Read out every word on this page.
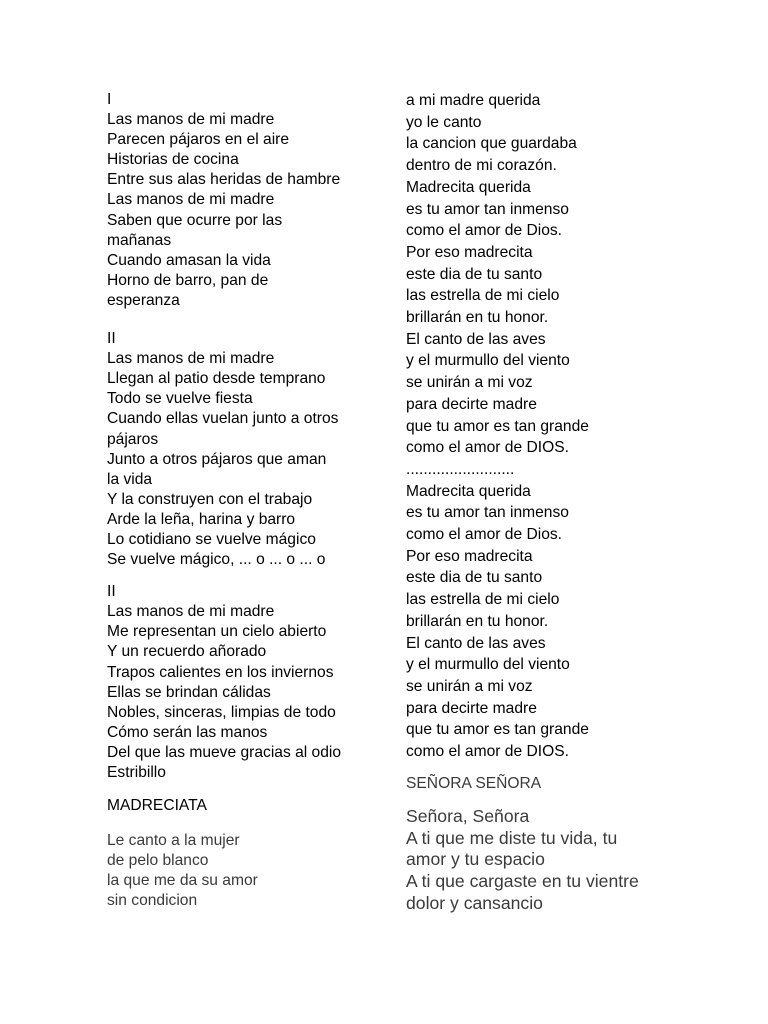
I
Las manos de mi madre
Parecen pájaros en el aire
Historias de cocina
Entre sus alas heridas de hambre
Las manos de mi madre
Saben que ocurre por las
mañanas
Cuando amasan la vida
Horno de barro, pan de
esperanza
II
Las manos de mi madre
Llegan al patio desde temprano
Todo se vuelve fiesta
Cuando ellas vuelan junto a otros
pájaros
Junto a otros pájaros que aman
la vida
Y la construyen con el trabajo
Arde la leña, harina y barro
Lo cotidiano se vuelve mágico
Se vuelve mágico, ... o ... o ... o
II
Las manos de mi madre
Me representan un cielo abierto
Y un recuerdo añorado
Trapos calientes en los inviernos
Ellas se brindan cálidas
Nobles, sinceras, limpias de todo
Cómo serán las manos
Del que las mueve gracias al odio
Estribillo
MADRECIATA
Le canto a la mujer
de pelo blanco
la que me da su amor
sin condicion
a mi madre querida
yo le canto
la cancion que guardaba
dentro de mi corazón.
Madrecita querida
es tu amor tan inmenso
como el amor de Dios.
Por eso madrecita
este dia de tu santo
las estrella de mi cielo
brillarán en tu honor.
El canto de las aves
y el murmullo del viento
se unirán a mi voz
para decirte madre
que tu amor es tan grande
como el amor de DIOS.
.........................
Madrecita querida
es tu amor tan inmenso
como el amor de Dios.
Por eso madrecita
este dia de tu santo
las estrella de mi cielo
brillarán en tu honor.
El canto de las aves
y el murmullo del viento
se unirán a mi voz
para decirte madre
que tu amor es tan grande
como el amor de DIOS.
SEÑORA SEÑORA
Señora, Señora
A ti que me diste tu vida, tu
amor y tu espacio
A ti que cargaste en tu vientre
dolor y cansancio
